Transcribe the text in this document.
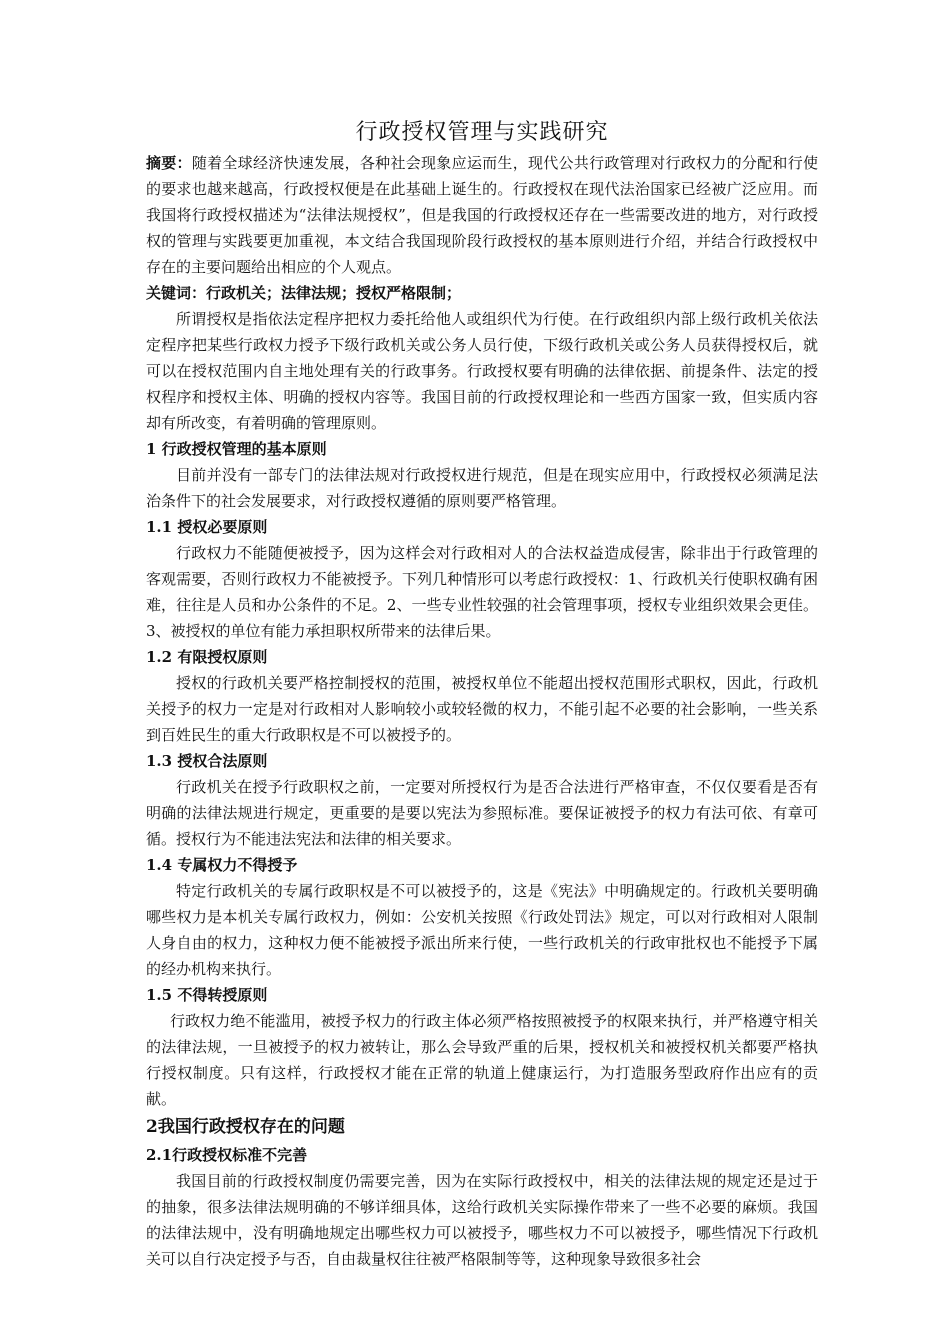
行政授权管理与实践研究

摘要：随着全球经济快速发展，各种社会现象应运而生，现代公共行政管理对行政权力的分配和行使的要求也越来越高，行政授权便是在此基础上诞生的。行政授权在现代法治国家已经被广泛应用。而我国将行政授权描述为“法律法规授权”，但是我国的行政授权还存在一些需要改进的地方，对行政授权的管理与实践要更加重视，本文结合我国现阶段行政授权的基本原则进行介绍，并结合行政授权中存在的主要问题给出相应的个人观点。

关键词：行政机关；法律法规；授权严格限制；

所谓授权是指依法定程序把权力委托给他人或组织代为行使。在行政组织内部上级行政机关依法定程序把某些行政权力授予下级行政机关或公务人员行使，下级行政机关或公务人员获得授权后，就可以在授权范围内自主地处理有关的行政事务。行政授权要有明确的法律依据、前提条件、法定的授权程序和授权主体、明确的授权内容等。我国目前的行政授权理论和一些西方国家一致，但实质内容却有所改变，有着明确的管理原则。

1 行政授权管理的基本原则

目前并没有一部专门的法律法规对行政授权进行规范，但是在现实应用中，行政授权必须满足法治条件下的社会发展要求，对行政授权遵循的原则要严格管理。

1.1 授权必要原则

行政权力不能随便被授予，因为这样会对行政相对人的合法权益造成侵害，除非出于行政管理的客观需要，否则行政权力不能被授予。下列几种情形可以考虑行政授权：1、行政机关行使职权确有困难，往往是人员和办公条件的不足。2、一些专业性较强的社会管理事项，授权专业组织效果会更佳。3、被授权的单位有能力承担职权所带来的法律后果。

1.2 有限授权原则

授权的行政机关要严格控制授权的范围，被授权单位不能超出授权范围形式职权，因此，行政机关授予的权力一定是对行政相对人影响较小或较轻微的权力，不能引起不必要的社会影响，一些关系到百姓民生的重大行政职权是不可以被授予的。

1.3 授权合法原则

行政机关在授予行政职权之前，一定要对所授权行为是否合法进行严格审查，不仅仅要看是否有明确的法律法规进行规定，更重要的是要以宪法为参照标准。要保证被授予的权力有法可依、有章可循。授权行为不能违法宪法和法律的相关要求。

1.4 专属权力不得授予

特定行政机关的专属行政职权是不可以被授予的，这是《宪法》中明确规定的。行政机关要明确哪些权力是本机关专属行政权力，例如：公安机关按照《行政处罚法》规定，可以对行政相对人限制人身自由的权力，这种权力便不能被授予派出所来行使，一些行政机关的行政审批权也不能授予下属的经办机构来执行。

1.5 不得转授原则

行政权力绝不能滥用，被授予权力的行政主体必须严格按照被授予的权限来执行，并严格遵守相关的法律法规，一旦被授予的权力被转让，那么会导致严重的后果，授权机关和被授权机关都要严格执行授权制度。只有这样，行政授权才能在正常的轨道上健康运行，为打造服务型政府作出应有的贡献。

2我国行政授权存在的问题

2.1行政授权标准不完善

我国目前的行政授权制度仍需要完善，因为在实际行政授权中，相关的法律法规的规定还是过于的抽象，很多法律法规明确的不够详细具体，这给行政机关实际操作带来了一些不必要的麻烦。我国的法律法规中，没有明确地规定出哪些权力可以被授予，哪些权力不可以被授予，哪些情况下行政机关可以自行决定授予与否，自由裁量权往往被严格限制等等，这种现象导致很多社会
